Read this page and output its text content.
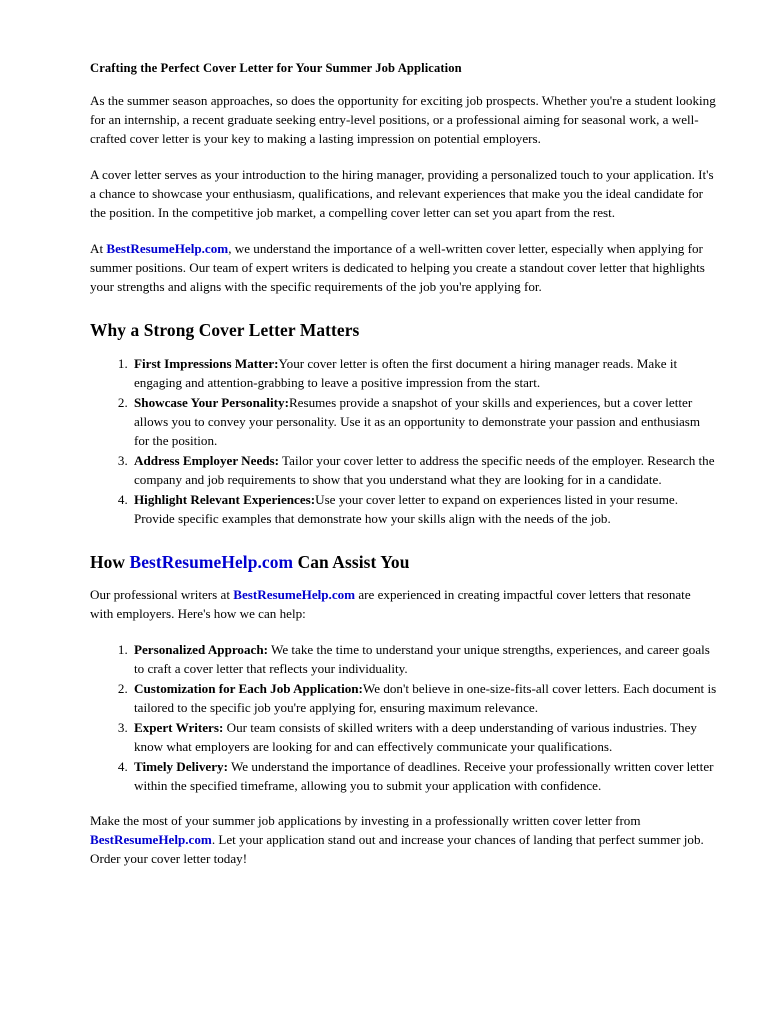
Crafting the Perfect Cover Letter for Your Summer Job Application

As the summer season approaches, so does the opportunity for exciting job prospects. Whether you're a student looking for an internship, a recent graduate seeking entry-level positions, or a professional aiming for seasonal work, a well-crafted cover letter is your key to making a lasting impression on potential employers.

A cover letter serves as your introduction to the hiring manager, providing a personalized touch to your application. It's a chance to showcase your enthusiasm, qualifications, and relevant experiences that make you the ideal candidate for the position. In the competitive job market, a compelling cover letter can set you apart from the rest.

At BestResumeHelp.com, we understand the importance of a well-written cover letter, especially when applying for summer positions. Our team of expert writers is dedicated to helping you create a standout cover letter that highlights your strengths and aligns with the specific requirements of the job you're applying for.

Why a Strong Cover Letter Matters
1. First Impressions Matter:Your cover letter is often the first document a hiring manager reads. Make it engaging and attention-grabbing to leave a positive impression from the start.
2. Showcase Your Personality:Resumes provide a snapshot of your skills and experiences, but a cover letter allows you to convey your personality. Use it as an opportunity to demonstrate your passion and enthusiasm for the position.
3. Address Employer Needs: Tailor your cover letter to address the specific needs of the employer. Research the company and job requirements to show that you understand what they are looking for in a candidate.
4. Highlight Relevant Experiences:Use your cover letter to expand on experiences listed in your resume. Provide specific examples that demonstrate how your skills align with the needs of the job.
How BestResumeHelp.com Can Assist You

Our professional writers at BestResumeHelp.com are experienced in creating impactful cover letters that resonate with employers. Here's how we can help:

1. Personalized Approach: We take the time to understand your unique strengths, experiences, and career goals to craft a cover letter that reflects your individuality.
2. Customization for Each Job Application:We don't believe in one-size-fits-all cover letters. Each document is tailored to the specific job you're applying for, ensuring maximum relevance.
3. Expert Writers: Our team consists of skilled writers with a deep understanding of various industries. They know what employers are looking for and can effectively communicate your qualifications.
4. Timely Delivery: We understand the importance of deadlines. Receive your professionally written cover letter within the specified timeframe, allowing you to submit your application with confidence.

Make the most of your summer job applications by investing in a professionally written cover letter from BestResumeHelp.com. Let your application stand out and increase your chances of landing that perfect summer job. Order your cover letter today!
